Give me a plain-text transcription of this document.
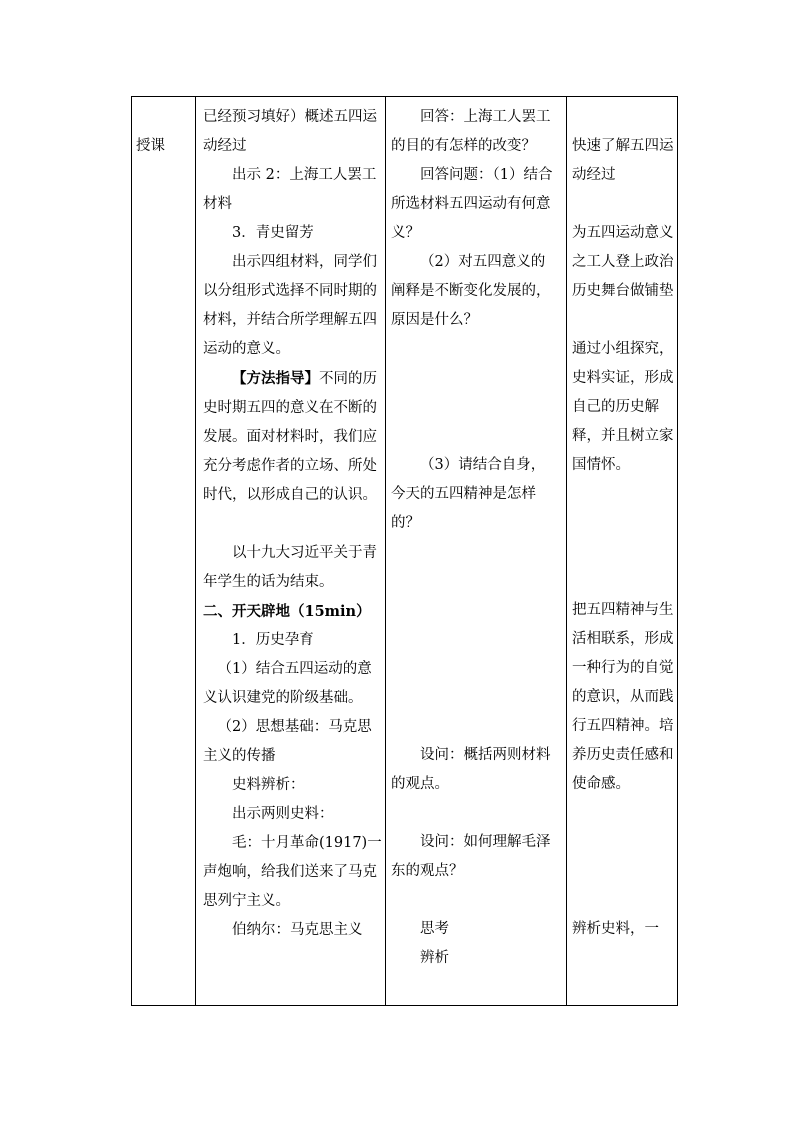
授课

已经预习填好）概述五四运动经过

出示 2：上海工人罢工材料

3．青史留芳

出示四组材料，同学们以分组形式选择不同时期的材料，并结合所学理解五四运动的意义。

【方法指导】不同的历史时期五四的意义在不断的发展。面对材料时，我们应充分考虑作者的立场、所处时代，以形成自己的认识。

以十九大习近平关于青年学生的话为结束。

二、开天辟地（15min）

1．历史孕育

（1）结合五四运动的意义认识建党的阶级基础。

（2）思想基础：马克思主义的传播

史料辨析：

出示两则史料：

毛：十月革命(1917)一声炮响，给我们送来了马克思列宁主义。

伯纳尔：马克思主义

回答：上海工人罢工的目的有怎样的改变？

回答问题：（1）结合所选材料五四运动有何意义？

（2）对五四意义的阐释是不断变化发展的，原因是什么？

（3）请结合自身，今天的五四精神是怎样的？

设问：概括两则材料的观点。

设问：如何理解毛泽东的观点？

思考

辨析

快速了解五四运动经过

为五四运动意义之工人登上政治历史舞台做铺垫

通过小组探究，史料实证，形成自己的历史解释，并且树立家国情怀。

把五四精神与生活相联系，形成一种行为的自觉的意识，从而践行五四精神。培养历史责任感和使命感。

辨析史料，一
